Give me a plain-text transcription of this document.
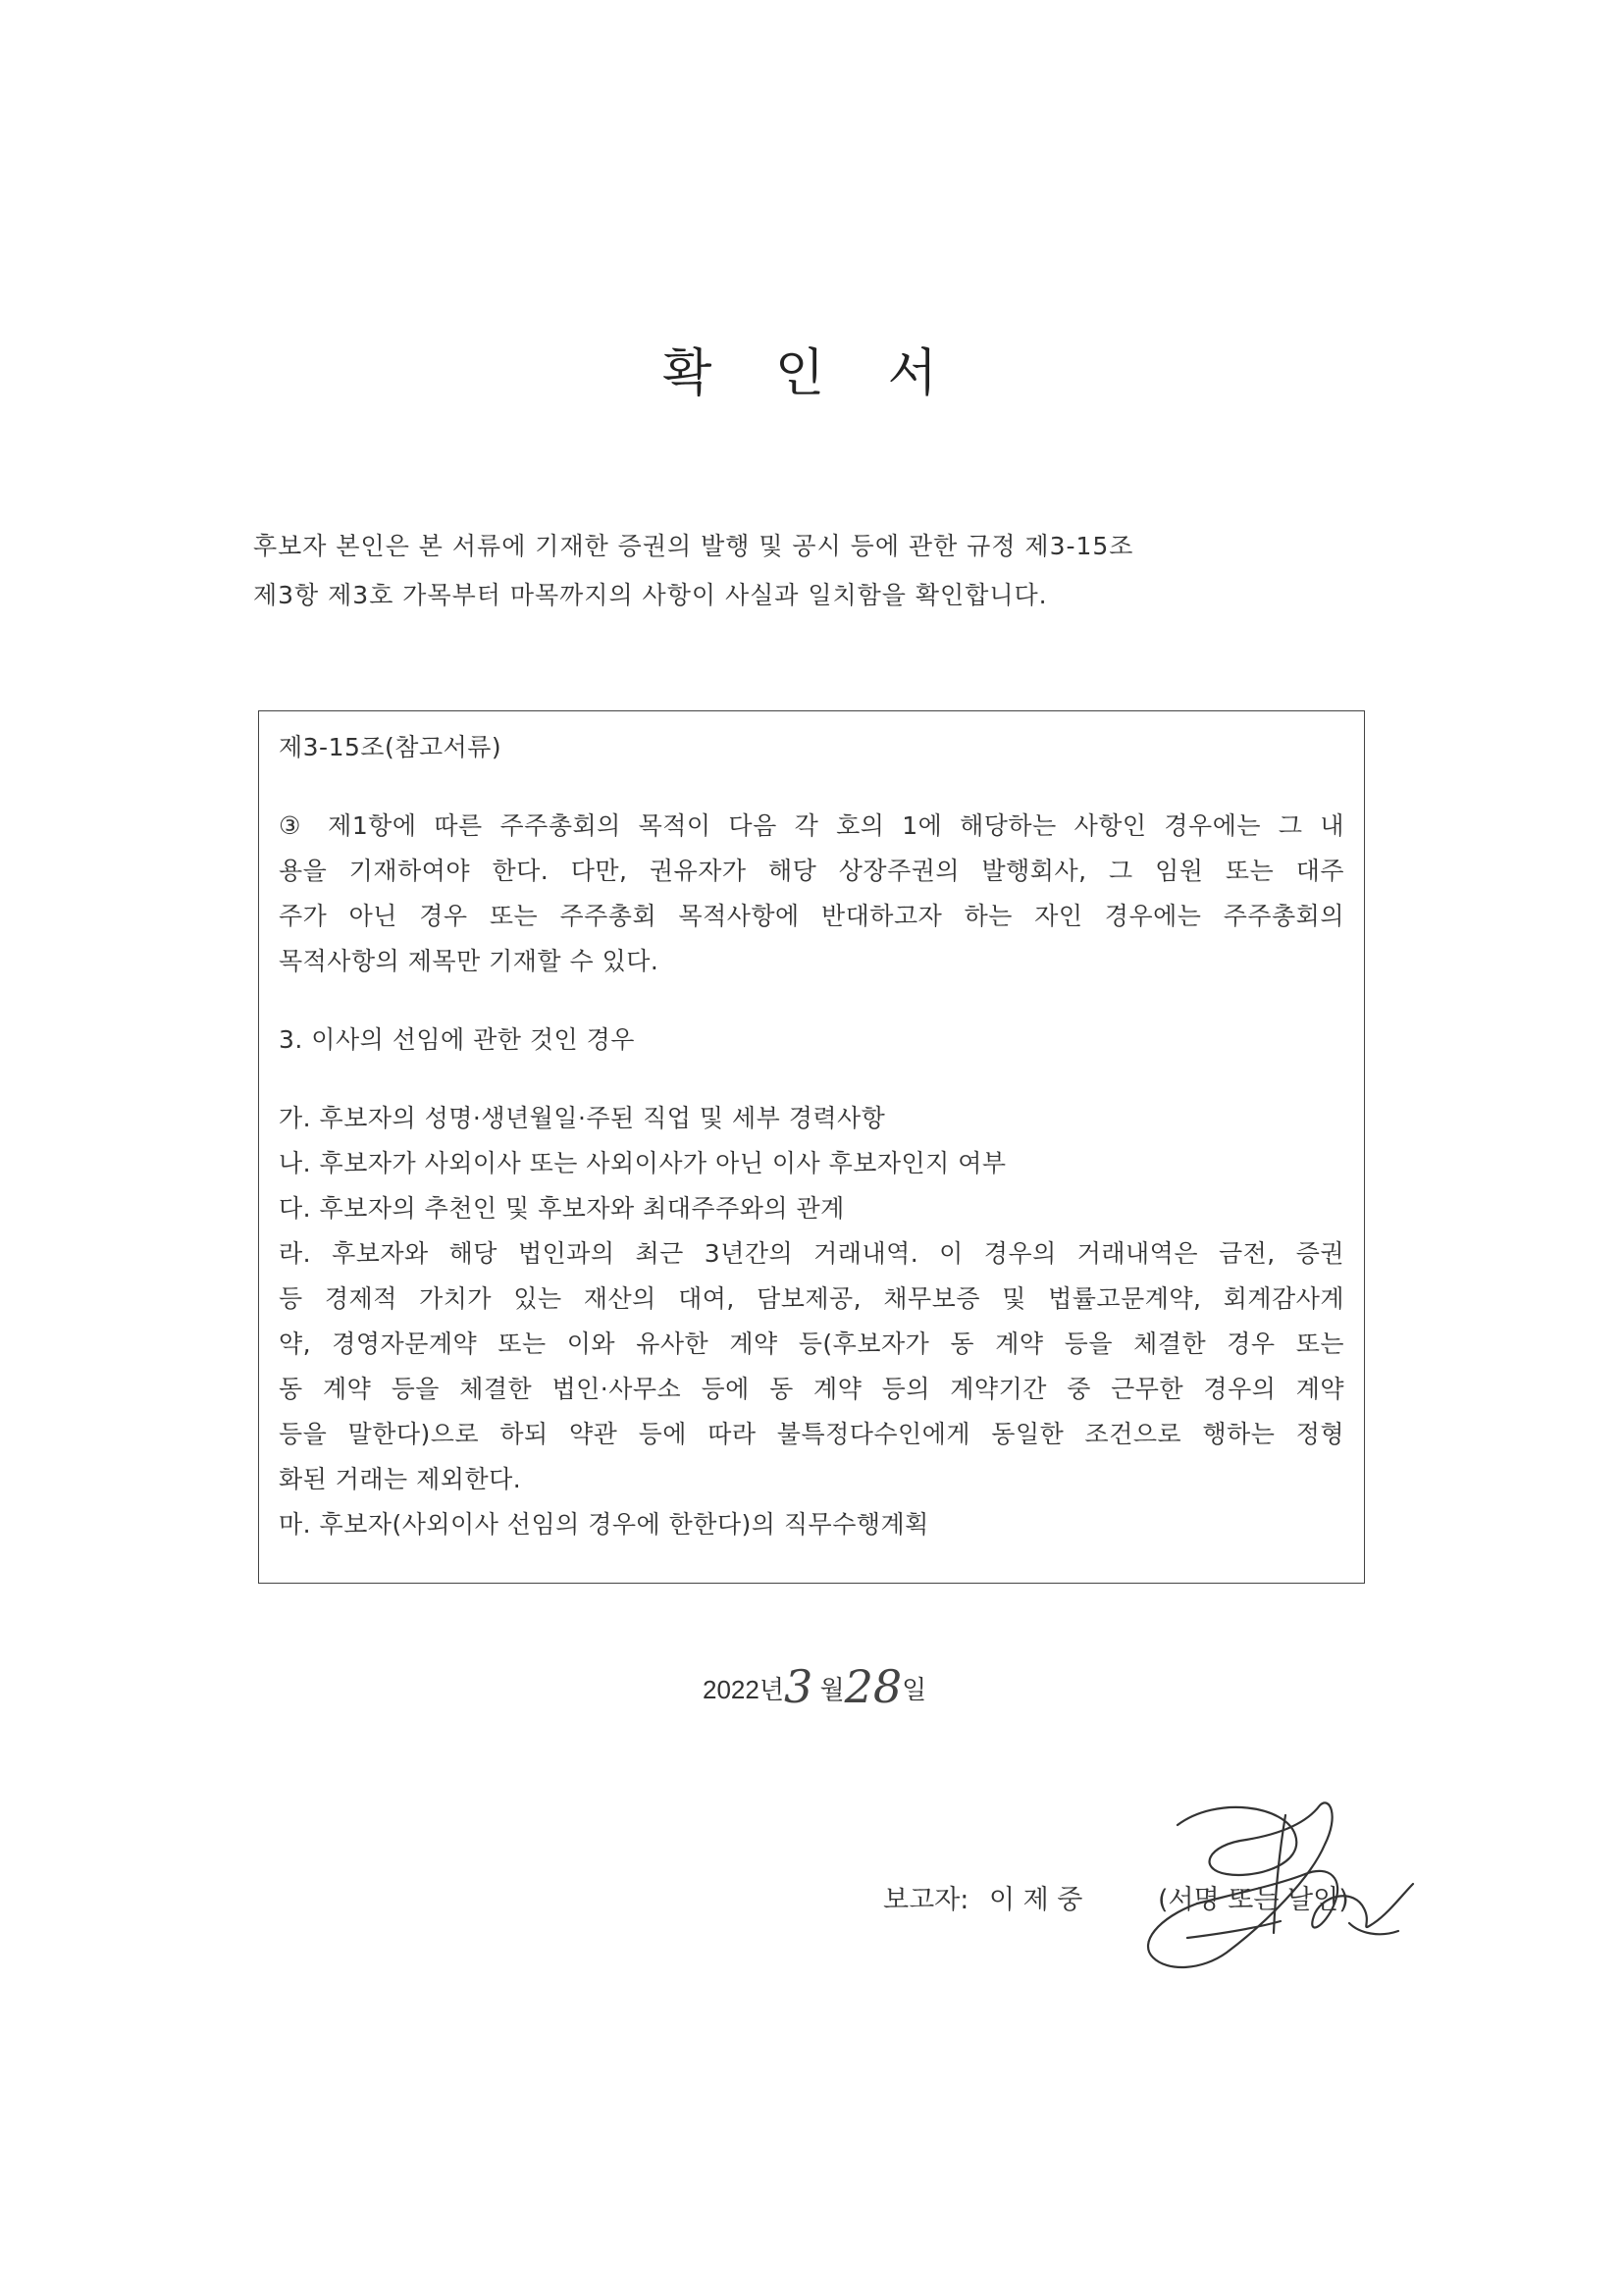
확 인 서
후보자 본인은 본 서류에 기재한 증권의 발행 및 공시 등에 관한 규정 제3-15조
제3항 제3호 가목부터 마목까지의 사항이 사실과 일치함을 확인합니다.
제3-15조(참고서류)
③ 제1항에 따른 주주총회의 목적이 다음 각 호의 1에 해당하는 사항인 경우에는 그 내
용을 기재하여야 한다. 다만, 권유자가 해당 상장주권의 발행회사, 그 임원 또는 대주
주가 아닌 경우 또는 주주총회 목적사항에 반대하고자 하는 자인 경우에는 주주총회의
목적사항의 제목만 기재할 수 있다.
3. 이사의 선임에 관한 것인 경우
가. 후보자의 성명·생년월일·주된 직업 및 세부 경력사항
나. 후보자가 사외이사 또는 사외이사가 아닌 이사 후보자인지 여부
다. 후보자의 추천인 및 후보자와 최대주주와의 관계
라. 후보자와 해당 법인과의 최근 3년간의 거래내역. 이 경우의 거래내역은 금전, 증권
등 경제적 가치가 있는 재산의 대여, 담보제공, 채무보증 및 법률고문계약, 회계감사계
약, 경영자문계약 또는 이와 유사한 계약 등(후보자가 동 계약 등을 체결한 경우 또는
동 계약 등을 체결한 법인·사무소 등에 동 계약 등의 계약기간 중 근무한 경우의 계약
등을 말한다)으로 하되 약관 등에 따라 불특정다수인에게 동일한 조건으로 행하는 정형
화된 거래는 제외한다.
마. 후보자(사외이사 선임의 경우에 한한다)의 직무수행계획
2022년3 월28일
보고자: 이 제 중	(서명 또는 날인)
